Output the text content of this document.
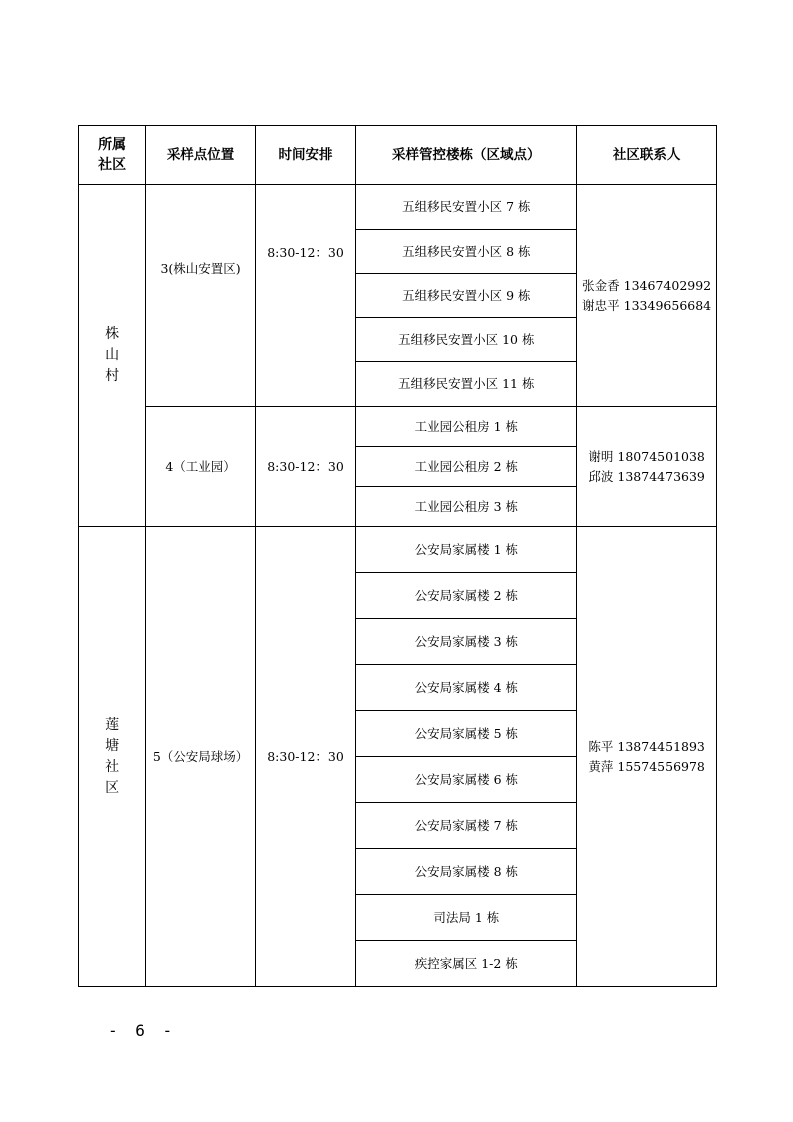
所属社区	采样点位置	时间安排	采样管控楼栋（区域点）	社区联系人
株山村	3(株山安置区)	8:30-12：30	五组移民安置小区 7 栋	张金香 13467402992
谢忠平 13349656684

			五组移民安置小区 8 栋	
			五组移民安置小区 9 栋	
			五组移民安置小区 10 栋	
			五组移民安置小区 11 栋	
	4（工业园）	8:30-12：30	工业园公租房 1 栋	谢明 18074501038
邱波 13874473639

			工业园公租房 2 栋	
			工业园公租房 3 栋	
莲塘社区	5（公安局球场）	8:30-12：30	公安局家属楼 1 栋	陈平 13874451893
黄萍 15574556978

			公安局家属楼 2 栋	
			公安局家属楼 3 栋	
			公安局家属楼 4 栋	
			公安局家属楼 5 栋	
			公安局家属楼 6 栋	
			公安局家属楼 7 栋	
			公安局家属楼 8 栋	
			司法局 1 栋	
			疾控家属区 1-2 栋	
- 6 -
